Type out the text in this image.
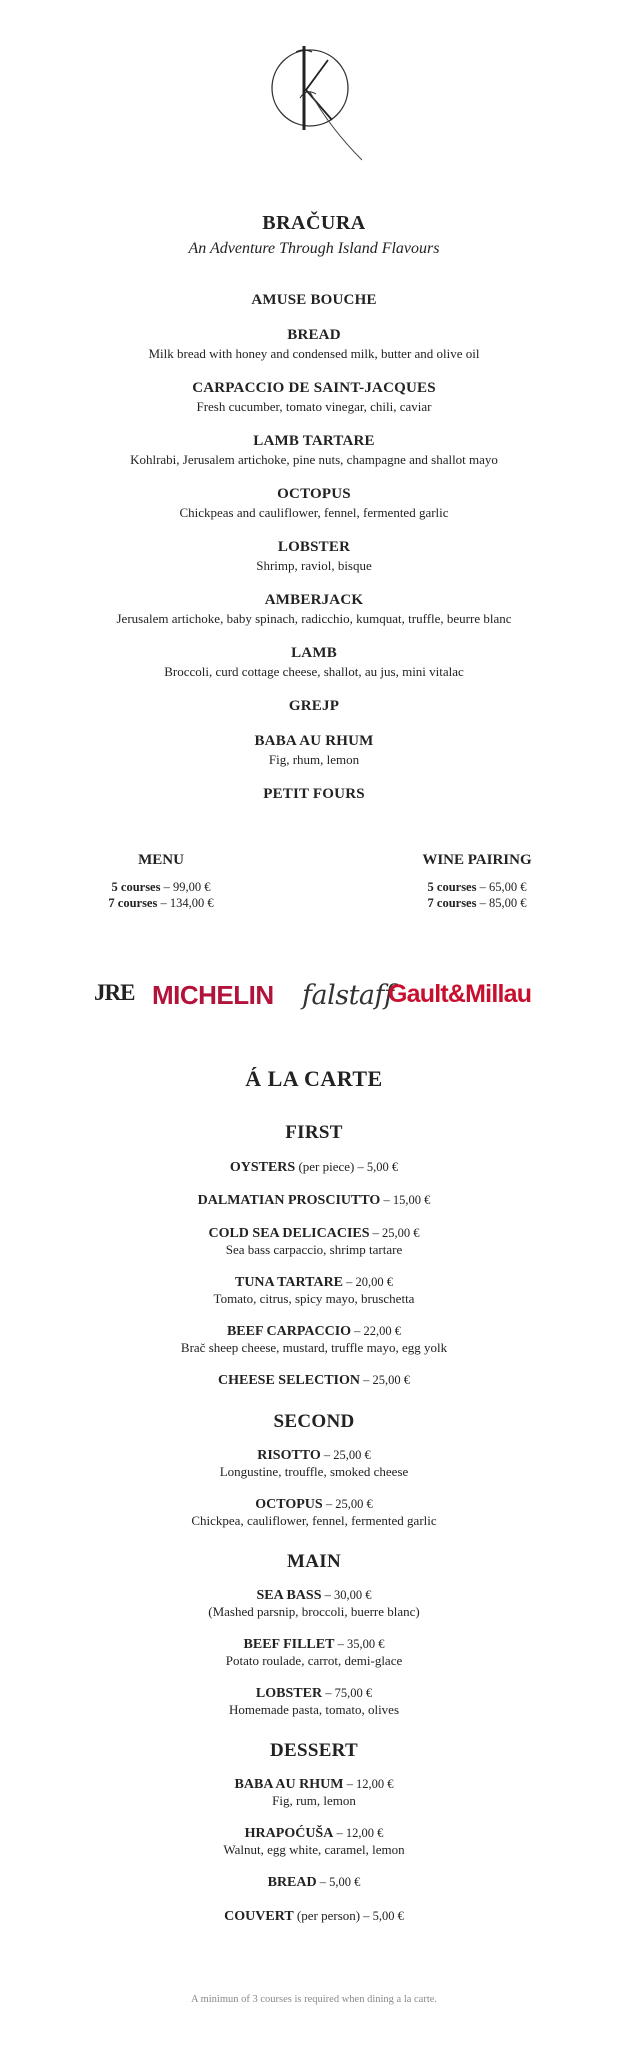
BRAČURA
An Adventure Through Island Flavours
AMUSE BOUCHE
BREAD
Milk bread with honey and condensed milk, butter and olive oil
CARPACCIO DE SAINT-JACQUES
Fresh cucumber, tomato vinegar, chili, caviar
LAMB TARTARE
Kohlrabi, Jerusalem artichoke, pine nuts, champagne and shallot mayo
OCTOPUS
Chickpeas and cauliflower, fennel, fermented garlic
LOBSTER
Shrimp, raviol, bisque
AMBERJACK
Jerusalem artichoke, baby spinach, radicchio, kumquat, truffle, beurre blanc
LAMB
Broccoli, curd cottage cheese, shallot, au jus, mini vitalac
GREJP
BABA AU RHUM
Fig, rhum, lemon
PETIT FOURS
MENU
5 courses – 99,00 €
7 courses – 134,00 €
WINE PAIRING
5 courses – 65,00 €
7 courses – 85,00 €
JRE MICHELIN falstaff
Gault&Millau
Á LA CARTE
FIRST
OYSTERS (per piece) – 5,00 €
DALMATIAN PROSCIUTTO – 15,00 €
COLD SEA DELICACIES – 25,00 €
Sea bass carpaccio, shrimp tartare
TUNA TARTARE – 20,00 €
Tomato, citrus, spicy mayo, bruschetta
BEEF CARPACCIO – 22,00 €
Brač sheep cheese, mustard, truffle mayo, egg yolk
CHEESE SELECTION – 25,00 €
SECOND
RISOTTO – 25,00 €
Longustine, trouffle, smoked cheese
OCTOPUS – 25,00 €
Chickpea, cauliflower, fennel, fermented garlic
MAIN
SEA BASS – 30,00 €
(Mashed parsnip, broccoli, buerre blanc)
BEEF FILLET – 35,00 €
Potato roulade, carrot, demi-glace
LOBSTER – 75,00 €
Homemade pasta, tomato, olives
DESSERT
BABA AU RHUM – 12,00 €
Fig, rum, lemon
HRAPOĆUŠA – 12,00 €
Walnut, egg white, caramel, lemon
BREAD – 5,00 €
COUVERT (per person) – 5,00 €
A minimun of 3 courses is required when dining a la carte.
